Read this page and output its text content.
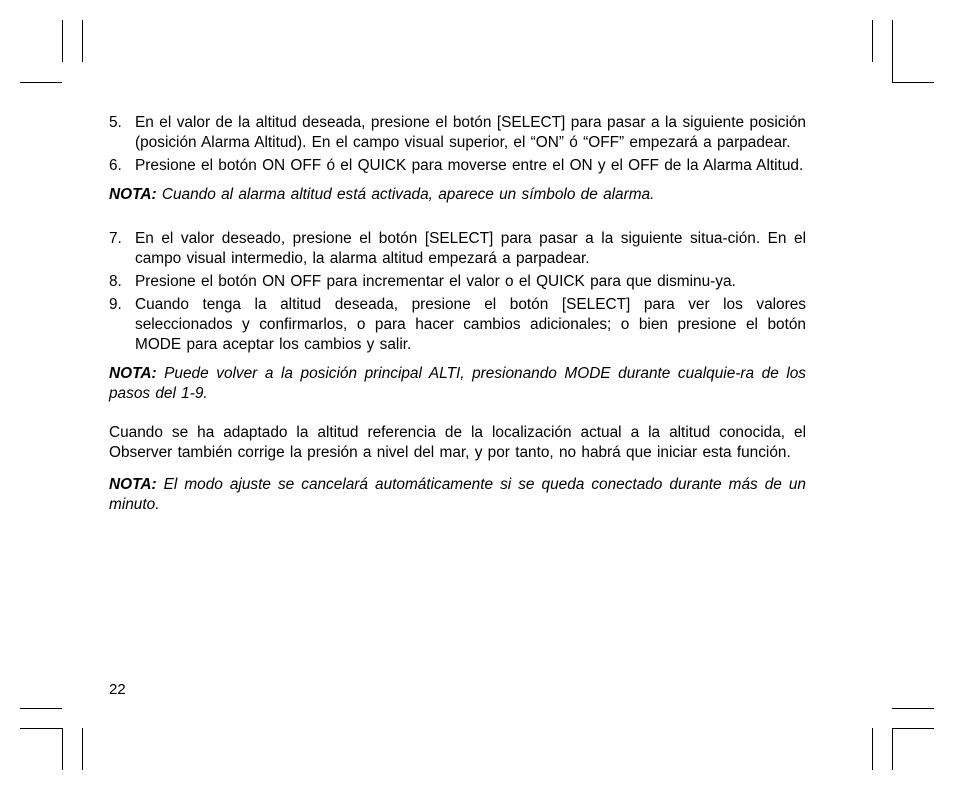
5. En el valor de la altitud deseada, presione el botón [SELECT] para pasar a la siguiente posición (posición Alarma Altitud). En el campo visual superior, el “ON” ó “OFF” empezará a parpadear.
6. Presione el botón ON OFF ó el QUICK para moverse entre el ON y el OFF de la Alarma Altitud.
NOTA: Cuando al alarma altitud está activada, aparece un símbolo de alarma.
7. En el valor deseado, presione el botón [SELECT] para pasar a la siguiente situa-ción. En el campo visual intermedio, la alarma altitud empezará a parpadear.
8. Presione el botón ON OFF para incrementar el valor o el QUICK para que disminu-ya.
9. Cuando tenga la altitud deseada, presione el botón [SELECT] para ver los valores seleccionados y confirmarlos, o para hacer cambios adicionales; o bien presione el botón MODE para aceptar los cambios y salir.
NOTA: Puede volver a la posición principal ALTI, presionando MODE durante cualquie-ra de los pasos del 1-9.

Cuando se ha adaptado la altitud referencia de la localización actual a la altitud conocida, el Observer también corrige la presión a nivel del mar, y por tanto, no habrá que iniciar esta función.

NOTA: El modo ajuste se cancelará automáticamente si se queda conectado durante más de un minuto.
22
